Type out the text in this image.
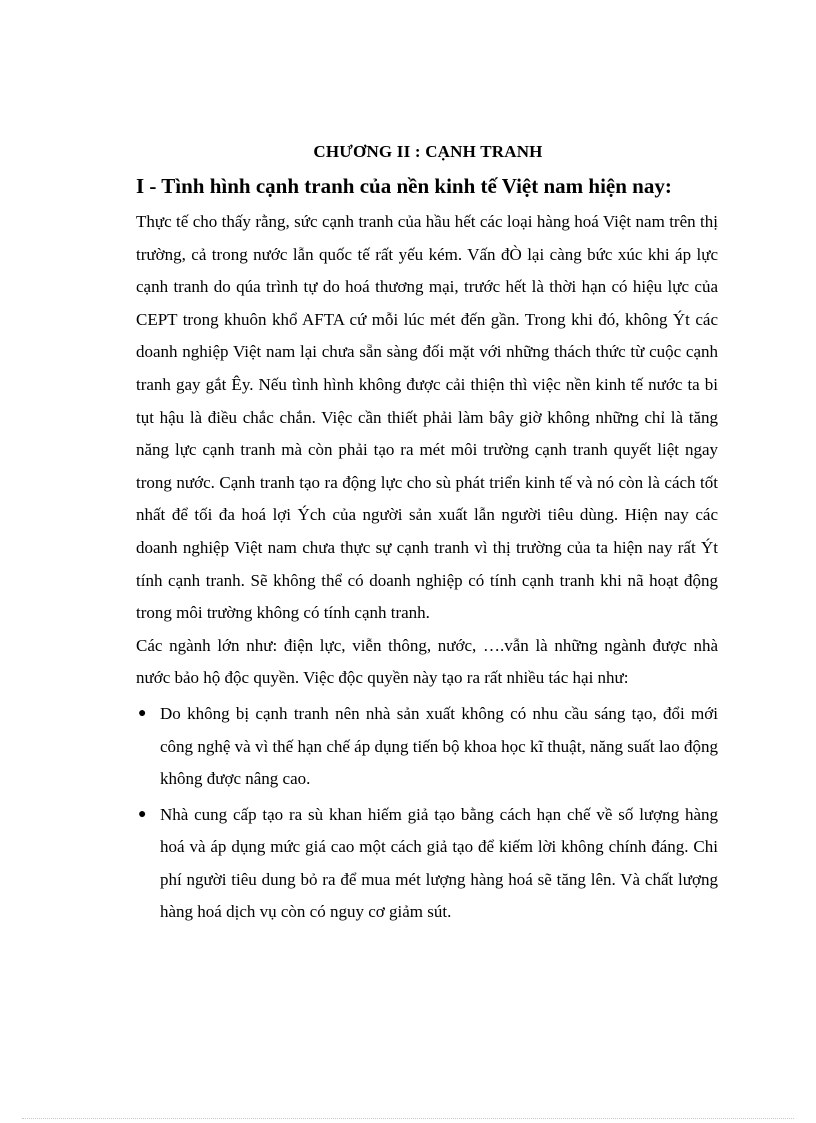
CHƯƠNG II : CẠNH TRANH
I - Tình hình cạnh tranh của nền kinh tế Việt nam hiện nay:

Thực tế cho thấy rằng, sức cạnh tranh của hầu hết các loại hàng hoá Việt nam trên thị trường, cả trong nước lẫn quốc tế rất yếu kém. Vấn đÒ lại càng bức xúc khi áp lực cạnh tranh do qúa trình tự do hoá thương mại, trước hết là thời hạn có hiệu lực của CEPT trong khuôn khổ AFTA cứ mỗi lúc mét đến gần. Trong khi đó, không Ýt các doanh nghiệp Việt nam lại chưa sẵn sàng đối mặt với những thách thức từ cuộc cạnh tranh gay gắt Êy. Nếu tình hình không được cải thiện thì việc nền kinh tế nước ta bi tụt hậu là điều chắc chắn. Việc cần thiết phải làm bây giờ không những chỉ là tăng năng lực cạnh tranh mà còn phải tạo ra mét môi trường cạnh tranh quyết liệt ngay trong nước. Cạnh tranh tạo ra động lực cho sù phát triển kinh tế và nó còn là cách tốt nhất để tối đa hoá lợi Ých của người sản xuất lẫn người tiêu dùng. Hiện nay các doanh nghiệp Việt nam chưa thực sự cạnh tranh vì thị trường của ta hiện nay rất Ýt tính cạnh tranh. Sẽ không thể có doanh nghiệp có tính cạnh tranh khi nã hoạt động trong môi trường không có tính cạnh tranh.

Các ngành lớn như: điện lực, viễn thông, nước, ….vẫn là những ngành được nhà nước bảo hộ độc quyền. Việc độc quyền này tạo ra rất nhiều tác hại như:

● Do không bị cạnh tranh nên nhà sản xuất không có nhu cầu sáng tạo, đổi mới công nghệ và vì thế hạn chế áp dụng tiến bộ khoa học kĩ thuật, năng suất lao động không được nâng cao.
● Nhà cung cấp tạo ra sù khan hiếm giả tạo bằng cách hạn chế về số lượng hàng hoá và áp dụng mức giá cao một cách giả tạo để kiếm lời không chính đáng. Chi phí người tiêu dung bỏ ra để mua mét lượng hàng hoá sẽ tăng lên. Và chất lượng hàng hoá dịch vụ còn có nguy cơ giảm sút.
